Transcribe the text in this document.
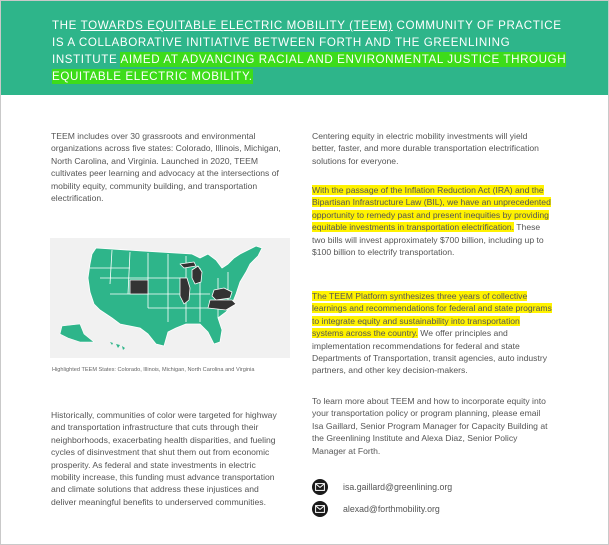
THE TOWARDS EQUITABLE ELECTRIC MOBILITY (TEEM) COMMUNITY OF PRACTICE IS A COLLABORATIVE INITIATIVE BETWEEN FORTH AND THE GREENLINING INSTITUTE AIMED AT ADVANCING RACIAL AND ENVIRONMENTAL JUSTICE THROUGH EQUITABLE ELECTRIC MOBILITY.
TEEM includes over 30 grassroots and environmental organizations across five states: Colorado, Illinois, Michigan, North Carolina, and Virginia. Launched in 2020, TEEM cultivates peer learning and advocacy at the intersections of mobility equity, community building, and transportation electrification.
Highlighted TEEM States: Colorado, Illinois, Michigan, North Carolina and Virginia
Historically, communities of color were targeted for highway and transportation infrastructure that cuts through their neighborhoods, exacerbating health disparities, and fueling cycles of disinvestment that shut them out from economic prosperity. As federal and state investments in electric mobility increase, this funding must advance transportation and climate solutions that address these injustices and deliver meaningful benefits to underserved communities.
Centering equity in electric mobility investments will yield better, faster, and more durable transportation electrification solutions for everyone.
With the passage of the Inflation Reduction Act (IRA) and the Bipartisan Infrastructure Law (BIL), we have an unprecedented opportunity to remedy past and present inequities by providing equitable investments in transportation electrification. These two bills will invest approximately $700 billion, including up to $100 billion to electrify transportation.
The TEEM Platform synthesizes three years of collective learnings and recommendations for federal and state programs to integrate equity and sustainability into transportation systems across the country. We offer principles and implementation recommendations for federal and state Departments of Transportation, transit agencies, auto industry partners, and other key decision-makers.
To learn more about TEEM and how to incorporate equity into your transportation policy or program planning, please email Isa Gaillard, Senior Program Manager for Capacity Building at the Greenlining Institute and Alexa Diaz, Senior Policy Manager at Forth.
isa.gaillard@greenlining.org
alexad@forthmobility.org
